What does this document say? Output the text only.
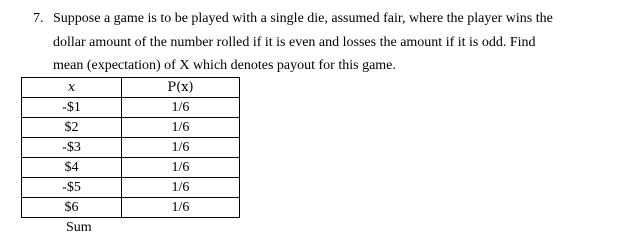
7. Suppose a game is to be played with a single die, assumed fair, where the player wins the
dollar amount of the number rolled if it is even and losses the amount if it is odd. Find
mean (expectation) of X which denotes payout for this game.
x	P(x)
-$1	1/6
$2	1/6
-$3	1/6
$4	1/6
-$5	1/6
$6	1/6
Sum
